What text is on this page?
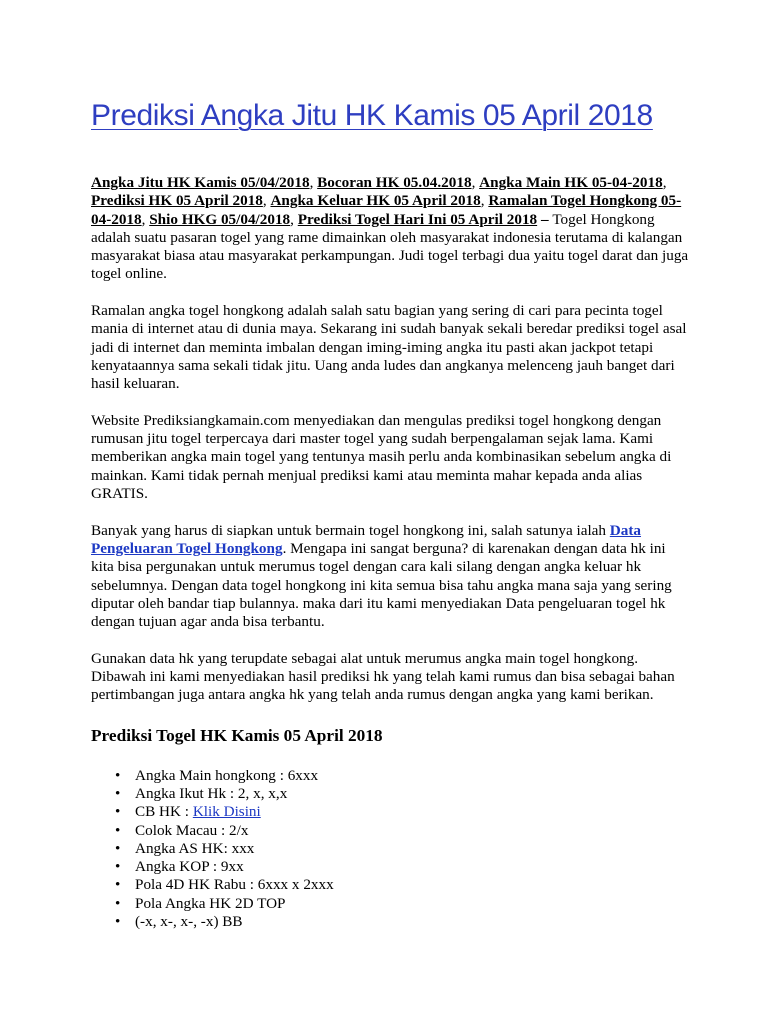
Prediksi Angka Jitu HK Kamis 05 April 2018

Angka Jitu HK Kamis 05/04/2018, Bocoran HK 05.04.2018, Angka Main HK 05-04-2018, Prediksi HK 05 April 2018, Angka Keluar HK 05 April 2018, Ramalan Togel Hongkong 05-04-2018, Shio HKG 05/04/2018, Prediksi Togel Hari Ini 05 April 2018 – Togel Hongkong adalah suatu pasaran togel yang rame dimainkan oleh masyarakat indonesia terutama di kalangan masyarakat biasa atau masyarakat perkampungan. Judi togel terbagi dua yaitu togel darat dan juga togel online.

Ramalan angka togel hongkong adalah salah satu bagian yang sering di cari para pecinta togel mania di internet atau di dunia maya. Sekarang ini sudah banyak sekali beredar prediksi togel asal jadi di internet dan meminta imbalan dengan iming-iming angka itu pasti akan jackpot tetapi kenyataannya sama sekali tidak jitu. Uang anda ludes dan angkanya melenceng jauh banget dari hasil keluaran.

Website Prediksiangkamain.com menyediakan dan mengulas prediksi togel hongkong dengan rumusan jitu togel terpercaya dari master togel yang sudah berpengalaman sejak lama. Kami memberikan angka main togel yang tentunya masih perlu anda kombinasikan sebelum angka di mainkan. Kami tidak pernah menjual prediksi kami atau meminta mahar kepada anda alias GRATIS.

Banyak yang harus di siapkan untuk bermain togel hongkong ini, salah satunya ialah Data Pengeluaran Togel Hongkong. Mengapa ini sangat berguna? di karenakan dengan data hk ini kita bisa pergunakan untuk merumus togel dengan cara kali silang dengan angka keluar hk sebelumnya. Dengan data togel hongkong ini kita semua bisa tahu angka mana saja yang sering diputar oleh bandar tiap bulannya. maka dari itu kami menyediakan Data pengeluaran togel hk dengan tujuan agar anda bisa terbantu.

Gunakan data hk yang terupdate sebagai alat untuk merumus angka main togel hongkong. Dibawah ini kami menyediakan hasil prediksi hk yang telah kami rumus dan bisa sebagai bahan pertimbangan juga antara angka hk yang telah anda rumus dengan angka yang kami berikan.

Prediksi Togel HK Kamis 05 April 2018
• Angka Main hongkong : 6xxx
• Angka Ikut Hk : 2, x, x,x
• CB HK : Klik Disini
• Colok Macau : 2/x
• Angka AS HK: xxx
• Angka KOP : 9xx
• Pola 4D HK Rabu : 6xxx x 2xxx
• Pola Angka HK 2D TOP
• (-x, x-, x-, -x) BB
